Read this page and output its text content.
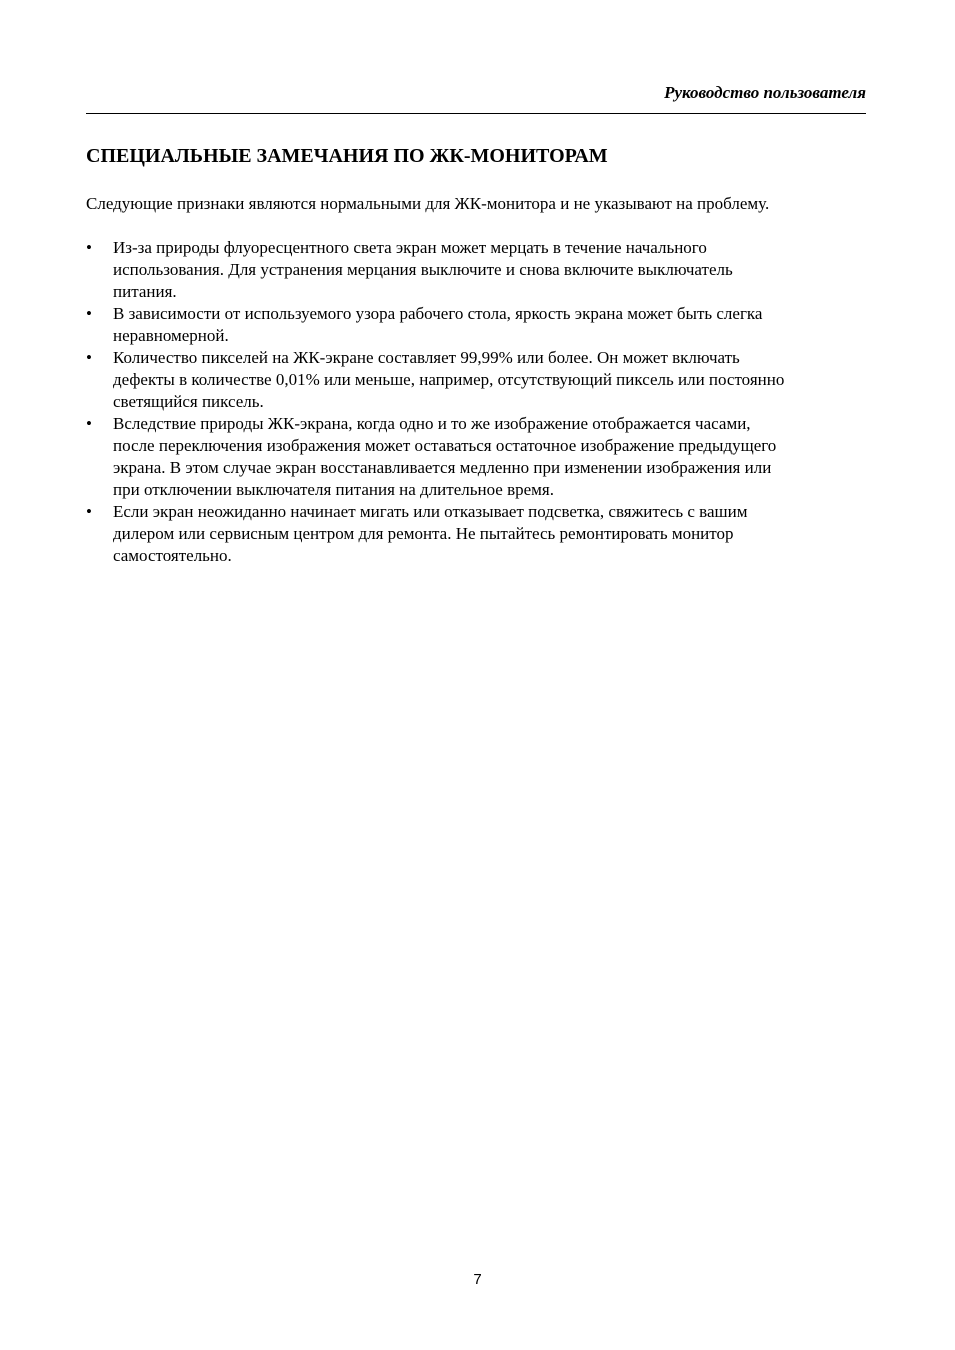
Руководство пользователя
СПЕЦИАЛЬНЫЕ ЗАМЕЧАНИЯ ПО ЖК-МОНИТОРАМ

Следующие признаки являются нормальными для ЖК-монитора и не указывают на проблему.

•	Из-за природы флуоресцентного света экран может мерцать в течение начального
использования. Для устранения мерцания выключите и снова включите выключатель
питания.
•	В зависимости от используемого узора рабочего стола, яркость экрана может быть слегка
неравномерной.
•	Количество пикселей на ЖК-экране составляет 99,99% или более. Он может включать
дефекты в количестве 0,01% или меньше, например, отсутствующий пиксель или постоянно
светящийся пиксель.
•	Вследствие природы ЖК-экрана, когда одно и то же изображение отображается часами,
после переключения изображения может оставаться остаточное изображение предыдущего
экрана. В этом случае экран восстанавливается медленно при изменении изображения или
при отключении выключателя питания на длительное время.
•	Если экран неожиданно начинает мигать или отказывает подсветка, свяжитесь с вашим
дилером или сервисным центром для ремонта. Не пытайтесь ремонтировать монитор
самостоятельно.
7
